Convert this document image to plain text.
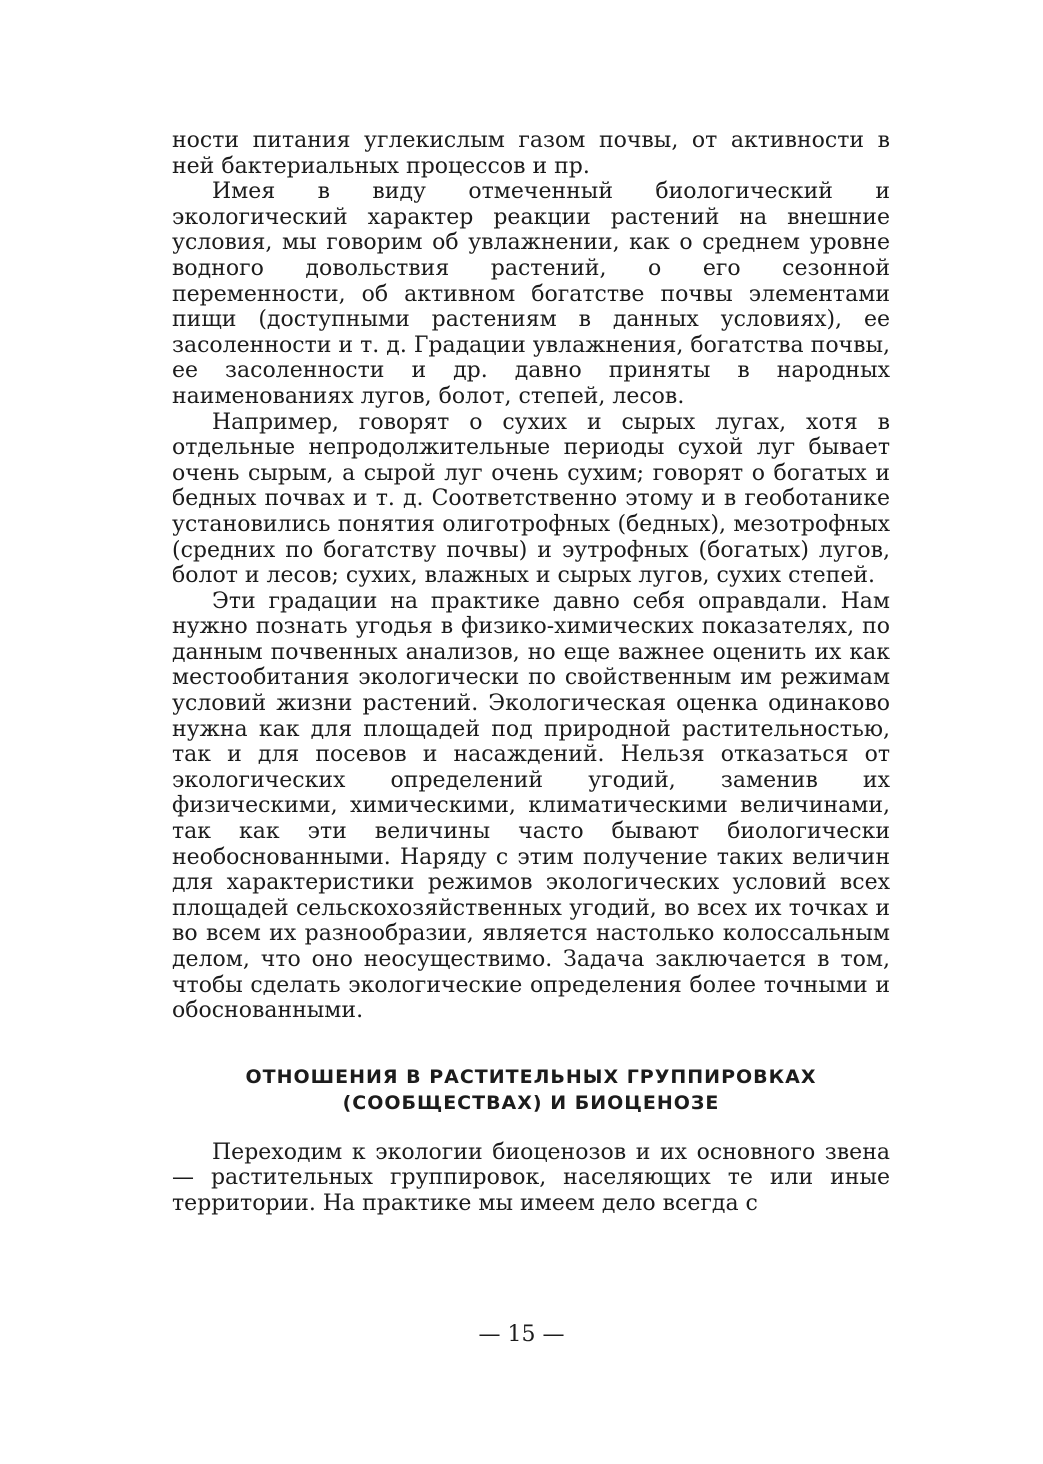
ности питания углекислым газом почвы, от активности в ней бактериальных процессов и пр.

Имея в виду отмеченный биологический и экологический характер реакции растений на внешние условия, мы говорим об увлажнении, как о среднем уровне водного довольствия растений, о его сезонной переменности, об активном богатстве почвы элементами пищи (доступными растениям в данных условиях), ее засоленности и т. д. Градации увлажнения, богатства почвы, ее засоленности и др. давно приняты в народных наименованиях лугов, болот, степей, лесов.

Например, говорят о сухих и сырых лугах, хотя в отдельные непродолжительные периоды сухой луг бывает очень сырым, а сырой луг очень сухим; говорят о богатых и бедных почвах и т. д. Соответственно этому и в геоботанике установились понятия олиготрофных (бедных), мезотрофных (средних по богатству почвы) и эутрофных (богатых) лугов, болот и лесов; сухих, влажных и сырых лугов, сухих степей.

Эти градации на практике давно себя оправдали. Нам нужно познать угодья в физико-химических показателях, по данным почвенных анализов, но еще важнее оценить их как местообитания экологически по свойственным им режимам условий жизни растений. Экологическая оценка одинаково нужна как для площадей под природной растительностью, так и для посевов и насаждений. Нельзя отказаться от экологических определений угодий, заменив их физическими, химическими, климатическими величинами, так как эти величины часто бывают биологически необоснованными. Наряду с этим получение таких величин для характеристики режимов экологических условий всех площадей сельскохозяйственных угодий, во всех их точках и во всем их разнообразии, является настолько колоссальным делом, что оно неосуществимо. Задача заключается в том, чтобы сделать экологические определения более точными и обоснованными.

ОТНОШЕНИЯ В РАСТИТЕЛЬНЫХ ГРУППИРОВКАХ
(СООБЩЕСТВАХ) И БИОЦЕНОЗЕ

Переходим к экологии биоценозов и их основного звена — растительных группировок, населяющих те или иные территории. На практике мы имеем дело всегда с

— 15 —
